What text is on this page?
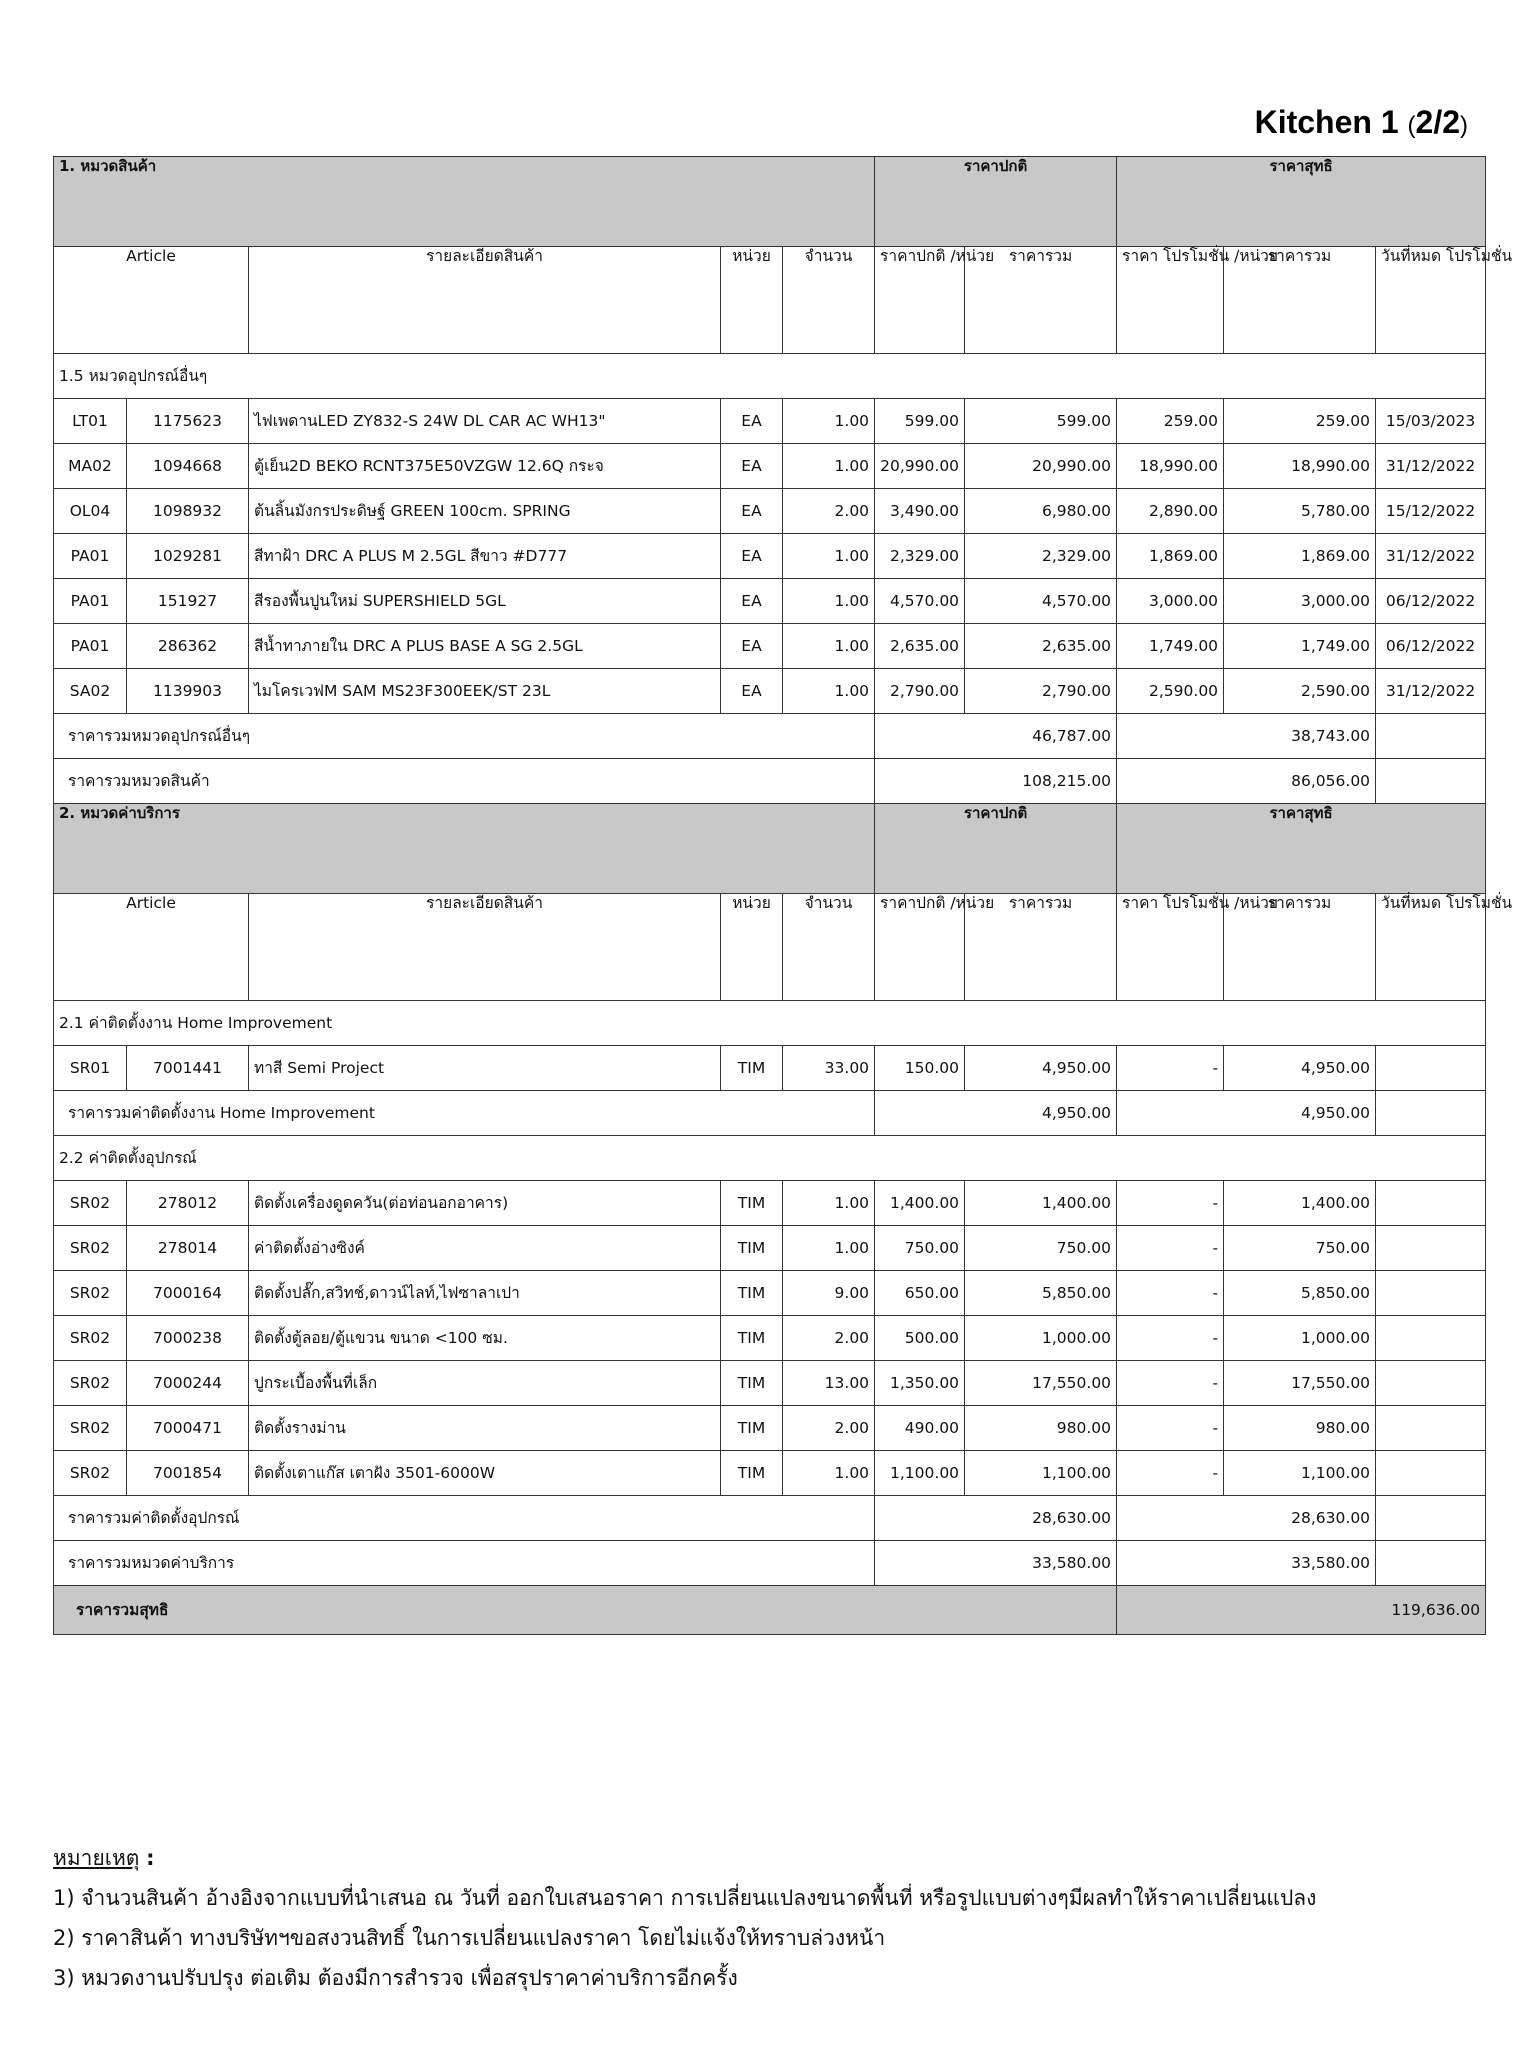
Kitchen 1 (2/2)
1. หมวดสินค้า					ราคาปกติ		ราคาสุทธิ		
Article		รายละเอียดสินค้า	หน่วย	จำนวน	ราคาปกติ /หน่วย	ราคารวม	ราคา โปรโมชั่น /หน่วย	ราคารวม	วันที่หมด โปรโมชั่น
1.5 หมวดอุปกรณ์อื่นๆ									
LT01	1175623	ไฟเพดานLED ZY832-S 24W DL CAR AC WH13"	EA	1.00	599.00	599.00	259.00	259.00	15/03/2023
MA02	1094668	ตู้เย็น2D BEKO RCNT375E50VZGW 12.6Q กระจ	EA	1.00	20,990.00	20,990.00	18,990.00	18,990.00	31/12/2022
OL04	1098932	ต้นลิ้นมังกรประดิษฐ์ GREEN 100cm. SPRING	EA	2.00	3,490.00	6,980.00	2,890.00	5,780.00	15/12/2022
PA01	1029281	สีทาฝ้า DRC A PLUS M 2.5GL สีขาว #D777	EA	1.00	2,329.00	2,329.00	1,869.00	1,869.00	31/12/2022
PA01	151927	สีรองพื้นปูนใหม่ SUPERSHIELD 5GL	EA	1.00	4,570.00	4,570.00	3,000.00	3,000.00	06/12/2022
PA01	286362	สีน้ำทาภายใน DRC A PLUS BASE A SG 2.5GL	EA	1.00	2,635.00	2,635.00	1,749.00	1,749.00	06/12/2022
SA02	1139903	ไมโครเวฟM SAM MS23F300EEK/ST 23L	EA	1.00	2,790.00	2,790.00	2,590.00	2,590.00	31/12/2022
ราคารวมหมวดอุปกรณ์อื่นๆ					46,787.00		38,743.00		
ราคารวมหมวดสินค้า					108,215.00		86,056.00		
2. หมวดค่าบริการ					ราคาปกติ		ราคาสุทธิ		
Article		รายละเอียดสินค้า	หน่วย	จำนวน	ราคาปกติ /หน่วย	ราคารวม	ราคา โปรโมชั่น /หน่วย	ราคารวม	วันที่หมด โปรโมชั่น
2.1 ค่าติดตั้งงาน Home Improvement									
SR01	7001441	ทาสี Semi Project	TIM	33.00	150.00	4,950.00	-	4,950.00	
ราคารวมค่าติดตั้งงาน Home Improvement					4,950.00		4,950.00		
2.2 ค่าติดตั้งอุปกรณ์									
SR02	278012	ติดตั้งเครื่องดูดควัน(ต่อท่อนอกอาคาร)	TIM	1.00	1,400.00	1,400.00	-	1,400.00	
SR02	278014	ค่าติดตั้งอ่างซิงค์	TIM	1.00	750.00	750.00	-	750.00	
SR02	7000164	ติดตั้งปลั๊ก,สวิทช์,ดาวน์ไลท์,ไฟซาลาเปา	TIM	9.00	650.00	5,850.00	-	5,850.00	
SR02	7000238	ติดตั้งตู้ลอย/ตู้แขวน ขนาด <100 ซม.	TIM	2.00	500.00	1,000.00	-	1,000.00	
SR02	7000244	ปูกระเบื้องพื้นที่เล็ก	TIM	13.00	1,350.00	17,550.00	-	17,550.00	
SR02	7000471	ติดตั้งรางม่าน	TIM	2.00	490.00	980.00	-	980.00	
SR02	7001854	ติดตั้งเตาแก๊ส เตาฝัง 3501-6000W	TIM	1.00	1,100.00	1,100.00	-	1,100.00	
ราคารวมค่าติดตั้งอุปกรณ์					28,630.00		28,630.00		
ราคารวมหมวดค่าบริการ					33,580.00		33,580.00		
ราคารวมสุทธิ							119,636.00		
หมายเหตุ :
1) จำนวนสินค้า อ้างอิงจากแบบที่นำเสนอ ณ วันที่ ออกใบเสนอราคา การเปลี่ยนแปลงขนาดพื้นที่ หรือรูปแบบต่างๆมีผลทำให้ราคาเปลี่ยนแปลง
2) ราคาสินค้า ทางบริษัทฯขอสงวนสิทธิ์ ในการเปลี่ยนแปลงราคา โดยไม่แจ้งให้ทราบล่วงหน้า
3) หมวดงานปรับปรุง ต่อเติม ต้องมีการสำรวจ เพื่อสรุปราคาค่าบริการอีกครั้ง
